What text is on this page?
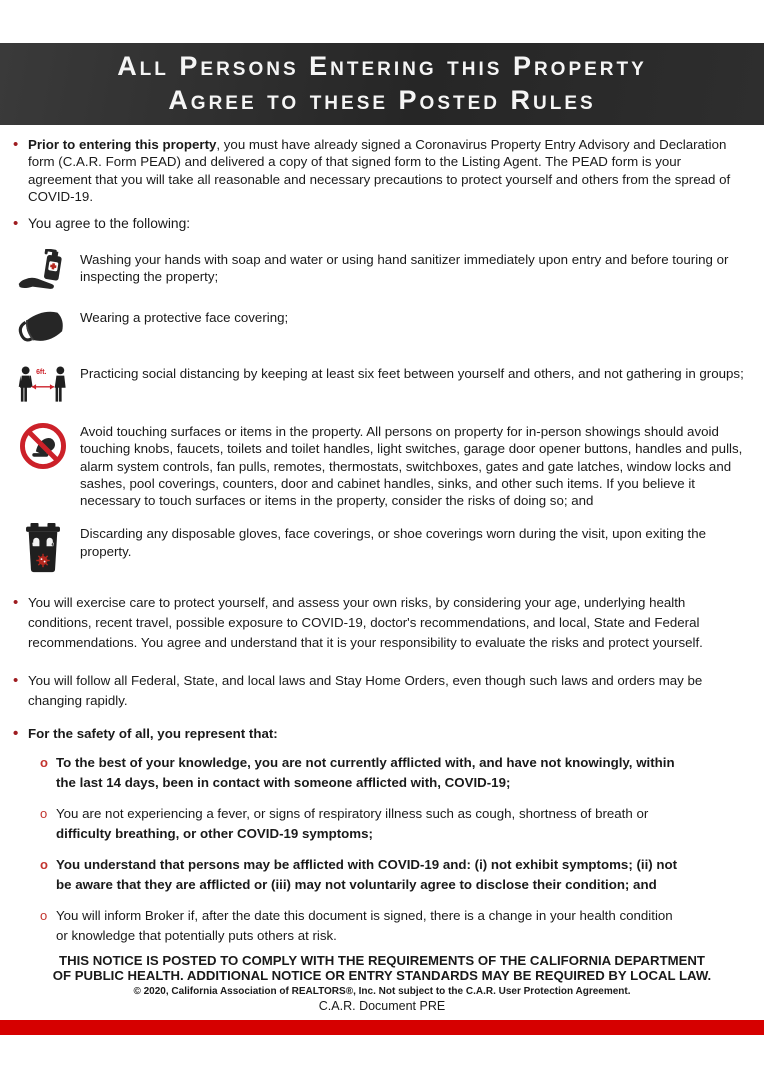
All Persons Entering this Property
Agree to these Posted Rules
• Prior to entering this property, you must have already signed a Coronavirus Property Entry Advisory and Declaration form (C.A.R. Form PEAD) and delivered a copy of that signed form to the Listing Agent. The PEAD form is your agreement that you will take all reasonable and necessary precautions to protect yourself and others from the spread of COVID-19.
• You agree to the following:
Washing your hands with soap and water or using hand sanitizer immediately upon entry and before touring or inspecting the property;
Wearing a protective face covering;
6ft.	Practicing social distancing by keeping at least six feet between yourself and others, and not gathering in groups;
Avoid touching surfaces or items in the property. All persons on property for in-person showings should avoid touching knobs, faucets, toilets and toilet handles, light switches, garage door opener buttons, handles and pulls, alarm system controls, fan pulls, remotes, thermostats, switchboxes, gates and gate latches, window locks and sashes, pool coverings, counters, door and cabinet handles, sinks, and other such items. If you believe it necessary to touch surfaces or items in the property, consider the risks of doing so; and
Discarding any disposable gloves, face coverings, or shoe coverings worn during the visit, upon exiting the property.
• You will exercise care to protect yourself, and assess your own risks, by considering your age, underlying health conditions, recent travel, possible exposure to COVID-19, doctor's recommendations, and local, State and Federal recommendations. You agree and understand that it is your responsibility to evaluate the risks and protect yourself.
• You will follow all Federal, State, and local laws and Stay Home Orders, even though such laws and orders may be changing rapidly.
• For the safety of all, you represent that:
o To the best of your knowledge, you are not currently afflicted with, and have not knowingly, within the last 14 days, been in contact with someone afflicted with, COVID-19;
o You are not experiencing a fever, or signs of respiratory illness such as cough, shortness of breath or difficulty breathing, or other COVID-19 symptoms;
o You understand that persons may be afflicted with COVID-19 and: (i) not exhibit symptoms; (ii) not be aware that they are afflicted or (iii) may not voluntarily agree to disclose their condition; and
o You will inform Broker if, after the date this document is signed, there is a change in your health condition or knowledge that potentially puts others at risk.
THIS NOTICE IS POSTED TO COMPLY WITH THE REQUIREMENTS OF THE CALIFORNIA DEPARTMENT OF PUBLIC HEALTH. ADDITIONAL NOTICE OR ENTRY STANDARDS MAY BE REQUIRED BY LOCAL LAW.
© 2020, California Association of REALTORS®, Inc. Not subject to the C.A.R. User Protection Agreement.
C.A.R. Document PRE
